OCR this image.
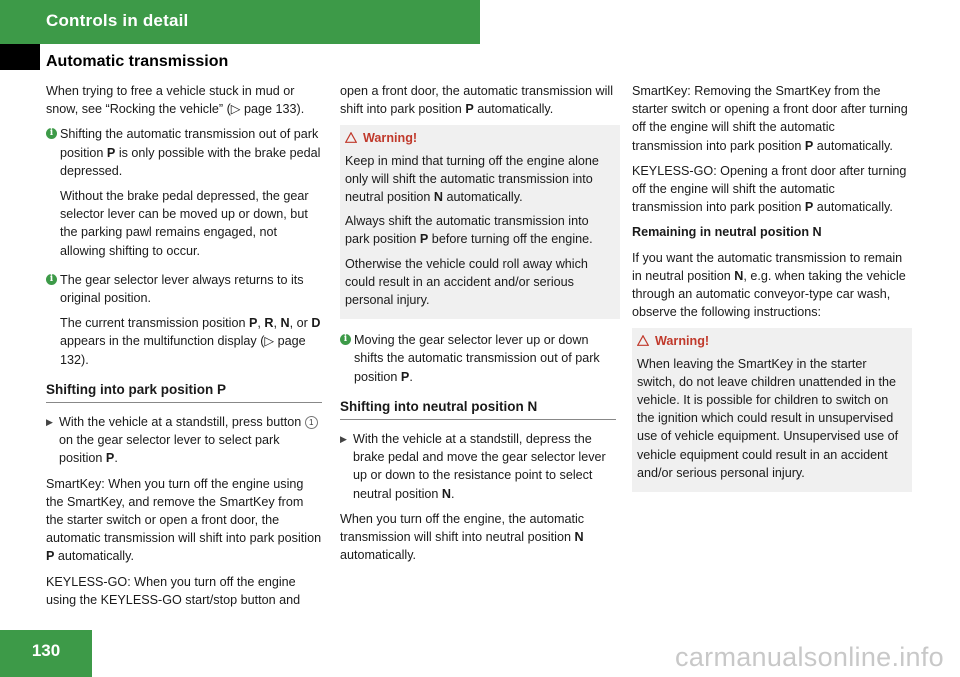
Controls in detail
Automatic transmission

When trying to free a vehicle stuck in mud or snow, see “Rocking the vehicle” (▷ page 133).

i Shifting the automatic transmission out of park position P is only possible with the brake pedal depressed.

Without the brake pedal depressed, the gear selector lever can be moved up or down, but the parking pawl remains engaged, not allowing shifting to occur.

i The gear selector lever always returns to its original position.

The current transmission position P, R, N, or D appears in the multifunction display (▷ page 132).

Shifting into park position P
▶ With the vehicle at a standstill, press button 1 on the gear selector lever to select park position P.

SmartKey: When you turn off the engine using the SmartKey, and remove the SmartKey from the starter switch or open a front door, the automatic transmission will shift into park position P automatically.

KEYLESS-GO: When you turn off the engine using the KEYLESS-GO start/stop button and

open a front door, the automatic transmission will shift into park position P automatically.

Warning!

Keep in mind that turning off the engine alone only will shift the automatic transmission into neutral position N automatically.

Always shift the automatic transmission into park position P before turning off the engine.

Otherwise the vehicle could roll away which could result in an accident and/or serious personal injury.

i Moving the gear selector lever up or down shifts the automatic transmission out of park position P.

Shifting into neutral position N
▶ With the vehicle at a standstill, depress the brake pedal and move the gear selector lever up or down to the resistance point to select neutral position N.

When you turn off the engine, the automatic transmission will shift into neutral position N automatically.

SmartKey: Removing the SmartKey from the starter switch or opening a front door after turning off the engine will shift the automatic transmission into park position P automatically.

KEYLESS-GO: Opening a front door after turning off the engine will shift the automatic transmission into park position P automatically.

Remaining in neutral position N

If you want the automatic transmission to remain in neutral position N, e.g. when taking the vehicle through an automatic conveyor-type car wash, observe the following instructions:

Warning!

When leaving the SmartKey in the starter switch, do not leave children unattended in the vehicle. It is possible for children to switch on the ignition which could result in unsupervised use of vehicle equipment. Unsupervised use of vehicle equipment could result in an accident and/or serious personal injury.

130	carmanualsonline.info
